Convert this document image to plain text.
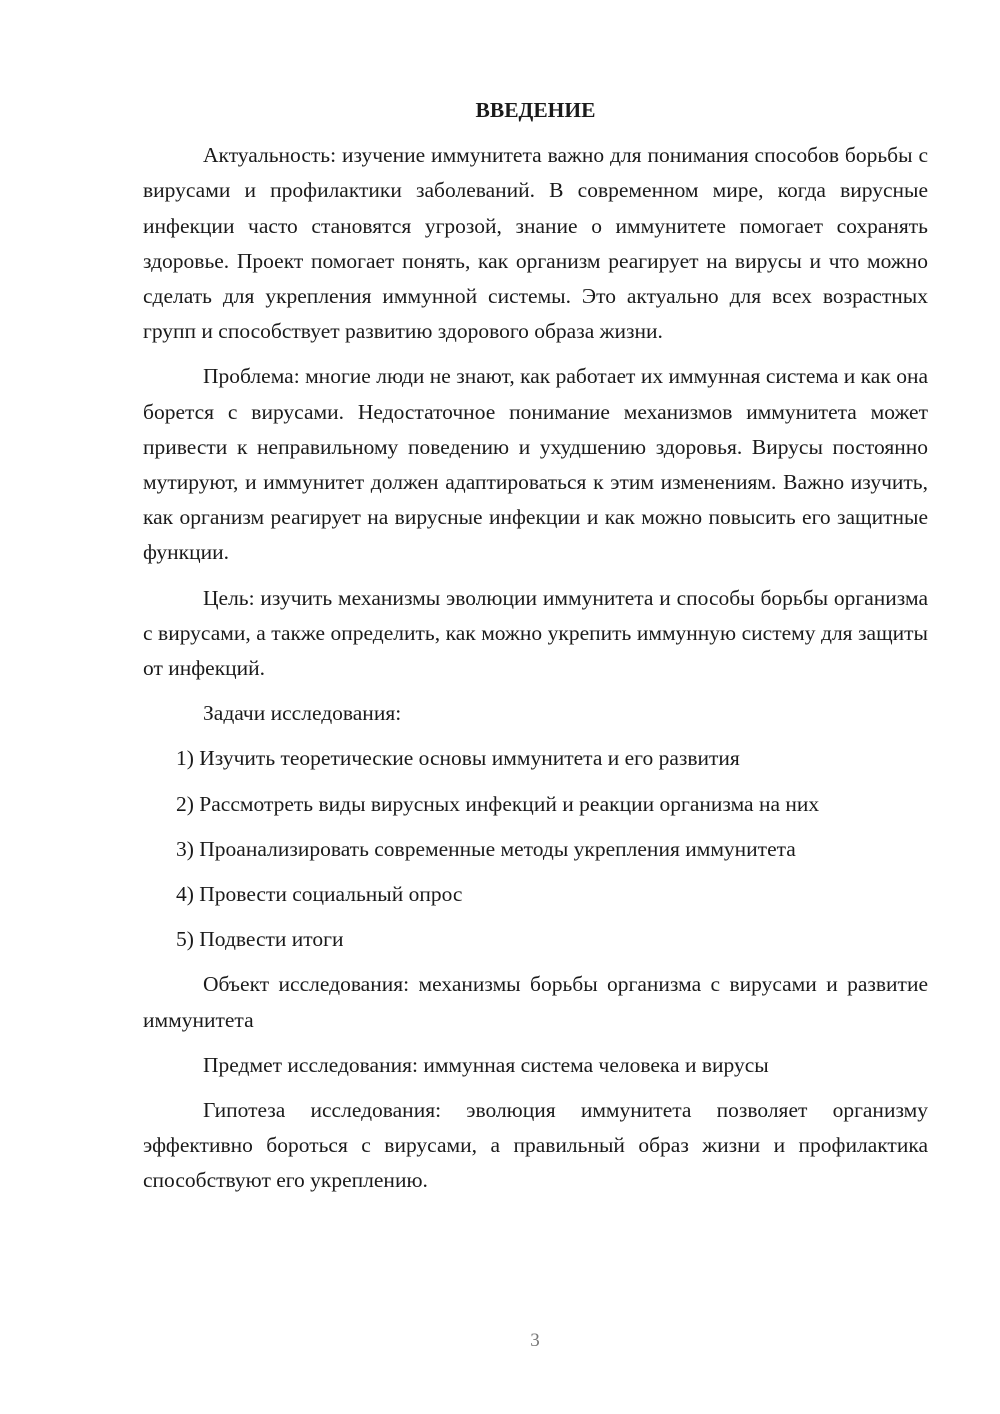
ВВЕДЕНИЕ

Актуальность: изучение иммунитета важно для понимания способов борьбы с вирусами и профилактики заболеваний. В современном мире, когда вирусные инфекции часто становятся угрозой, знание о иммунитете помогает сохранять здоровье. Проект помогает понять, как организм реагирует на вирусы и что можно сделать для укрепления иммунной системы. Это актуально для всех возрастных групп и способствует развитию здорового образа жизни.

Проблема: многие люди не знают, как работает их иммунная система и как она борется с вирусами. Недостаточное понимание механизмов иммунитета может привести к неправильному поведению и ухудшению здоровья. Вирусы постоянно мутируют, и иммунитет должен адаптироваться к этим изменениям. Важно изучить, как организм реагирует на вирусные инфекции и как можно повысить его защитные функции.

Цель: изучить механизмы эволюции иммунитета и способы борьбы организма с вирусами, а также определить, как можно укрепить иммунную систему для защиты от инфекций.

Задачи исследования:

1) Изучить теоретические основы иммунитета и его развития
2) Рассмотреть виды вирусных инфекций и реакции организма на них
3) Проанализировать современные методы укрепления иммунитета
4) Провести социальный опрос
5) Подвести итоги

Объект исследования: механизмы борьбы организма с вирусами и развитие иммунитета

Предмет исследования: иммунная система человека и вирусы

Гипотеза исследования: эволюция иммунитета позволяет организму эффективно бороться с вирусами, а правильный образ жизни и профилактика способствуют его укреплению.

3
